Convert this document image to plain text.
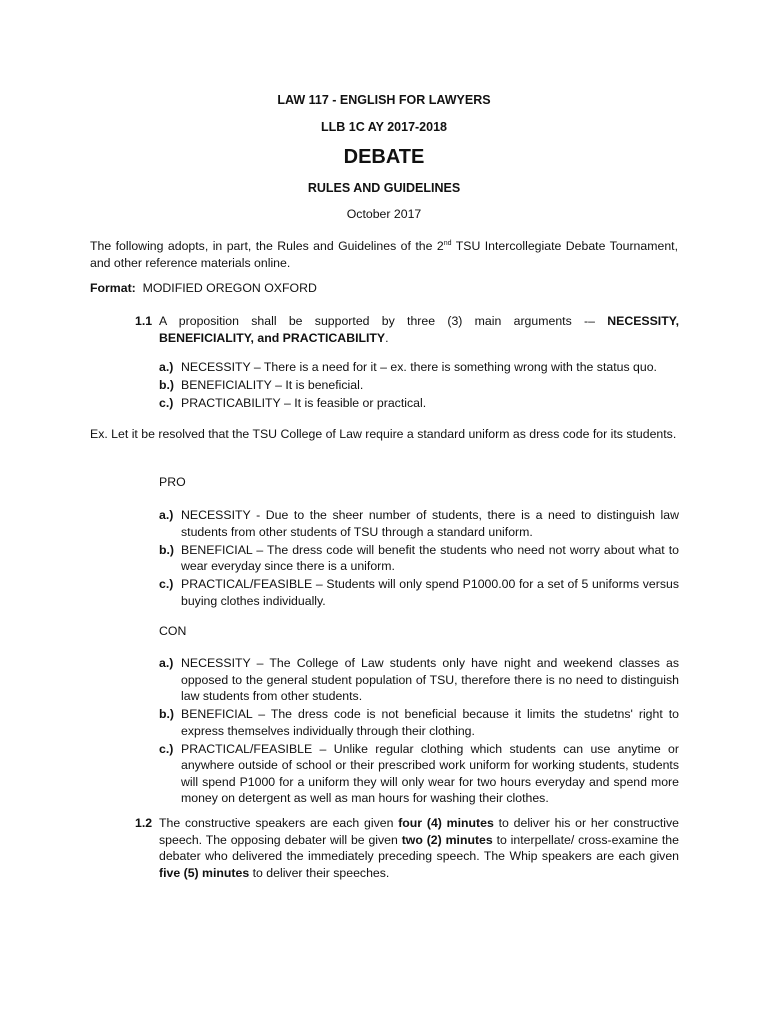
LAW 117 - ENGLISH FOR LAWYERS
LLB 1C AY 2017-2018
DEBATE
RULES AND GUIDELINES
October 2017
The following adopts, in part, the Rules and Guidelines of the 2nd TSU Intercollegiate Debate Tournament, and other reference materials online.
Format:  MODIFIED OREGON OXFORD
1.1 A proposition shall be supported by three (3) main arguments -– NECESSITY, BENEFICIALITY, and PRACTICABILITY.
a.) NECESSITY – There is a need for it – ex. there is something wrong with the status quo.
b.) BENEFICIALITY – It is beneficial.
c.) PRACTICABILITY – It is feasible or practical.
Ex. Let it be resolved that the TSU College of Law require a standard uniform as dress code for its students.
PRO
a.) NECESSITY - Due to the sheer number of students, there is a need to distinguish law students from other students of TSU through a standard uniform.
b.) BENEFICIAL – The dress code will benefit the students who need not worry about what to wear everyday since there is a uniform.
c.) PRACTICAL/FEASIBLE – Students will only spend P1000.00 for a set of 5 uniforms versus buying clothes individually.
CON
a.) NECESSITY – The College of Law students only have night and weekend classes as opposed to the general student population of TSU, therefore there is no need to distinguish law students from other students.
b.) BENEFICIAL – The dress code is not beneficial because it limits the studetns' right to express themselves individually through their clothing.
c.) PRACTICAL/FEASIBLE – Unlike regular clothing which students can use anytime or anywhere outside of school or their prescribed work uniform for working students, students will spend P1000 for a uniform they will only wear for two hours everyday and spend more money on detergent as well as man hours for washing their clothes.
1.2 The constructive speakers are each given four (4) minutes to deliver his or her constructive speech. The opposing debater will be given two (2) minutes to interpellate/ cross-examine the debater who delivered the immediately preceding speech. The Whip speakers are each given five (5) minutes to deliver their speeches.
